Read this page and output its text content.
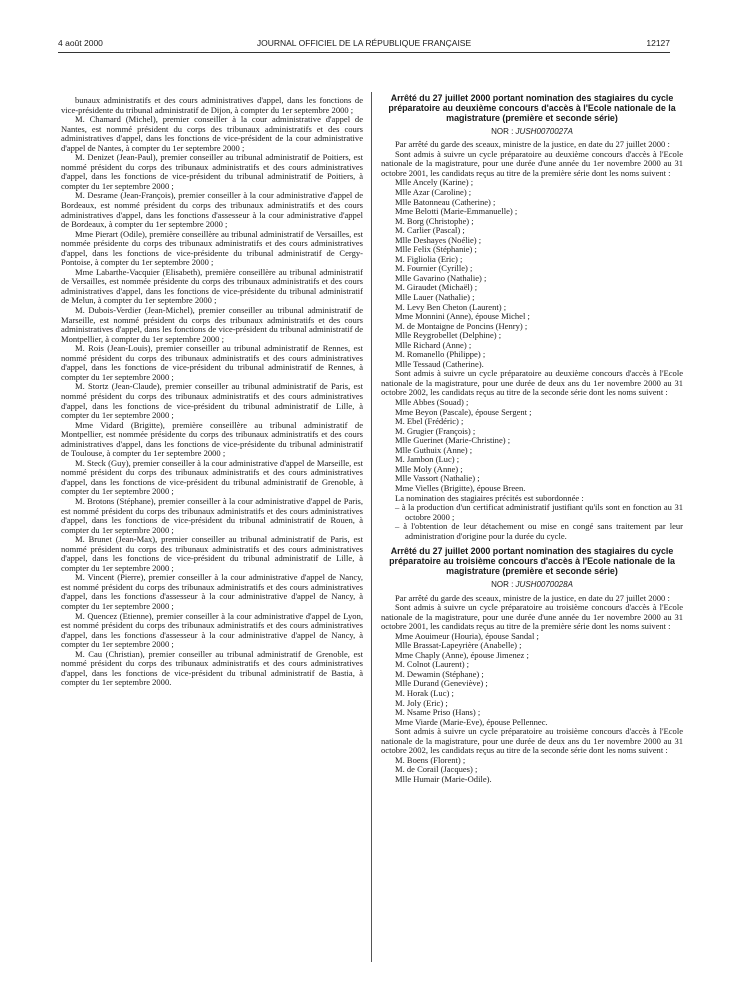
4 août 2000	JOURNAL OFFICIEL DE LA RÉPUBLIQUE FRANÇAISE	12127

bunaux administratifs et des cours administratives d'appel, dans les fonctions de vice-présidente du tribunal administratif de Dijon, à compter du 1er septembre 2000 ;

M. Chamard (Michel), premier conseiller à la cour administrative d'appel de Nantes, est nommé président du corps des tribunaux administratifs et des cours administratives d'appel, dans les fonctions de vice-président de la cour administrative d'appel de Nantes, à compter du 1er septembre 2000 ;

M. Denizet (Jean-Paul), premier conseiller au tribunal administratif de Poitiers, est nommé président du corps des tribunaux administratifs et des cours administratives d'appel, dans les fonctions de vice-président du tribunal administratif de Poitiers, à compter du 1er septembre 2000 ;

M. Desrame (Jean-François), premier conseiller à la cour administrative d'appel de Bordeaux, est nommé président du corps des tribunaux administratifs et des cours administratives d'appel, dans les fonctions d'assesseur à la cour administrative d'appel de Bordeaux, à compter du 1er septembre 2000 ;

Mme Pierart (Odile), première conseillère au tribunal administratif de Versailles, est nommée présidente du corps des tribunaux administratifs et des cours administratives d'appel, dans les fonctions de vice-présidente du tribunal administratif de Cergy-Pontoise, à compter du 1er septembre 2000 ;

Mme Labarthe-Vacquier (Elisabeth), première conseillère au tribunal administratif de Versailles, est nommée présidente du corps des tribunaux administratifs et des cours administratives d'appel, dans les fonctions de vice-présidente du tribunal administratif de Melun, à compter du 1er septembre 2000 ;

M. Dubois-Verdier (Jean-Michel), premier conseiller au tribunal administratif de Marseille, est nommé président du corps des tribunaux administratifs et des cours administratives d'appel, dans les fonctions de vice-président du tribunal administratif de Montpellier, à compter du 1er septembre 2000 ;

M. Rois (Jean-Louis), premier conseiller au tribunal administratif de Rennes, est nommé président du corps des tribunaux administratifs et des cours administratives d'appel, dans les fonctions de vice-président du tribunal administratif de Rennes, à compter du 1er septembre 2000 ;

M. Stortz (Jean-Claude), premier conseiller au tribunal administratif de Paris, est nommé président du corps des tribunaux administratifs et des cours administratives d'appel, dans les fonctions de vice-président du tribunal administratif de Lille, à compter du 1er septembre 2000 ;

Mme Vidard (Brigitte), première conseillère au tribunal administratif de Montpellier, est nommée présidente du corps des tribunaux administratifs et des cours administratives d'appel, dans les fonctions de vice-présidente du tribunal administratif de Toulouse, à compter du 1er septembre 2000 ;

M. Steck (Guy), premier conseiller à la cour administrative d'appel de Marseille, est nommé président du corps des tribunaux administratifs et des cours administratives d'appel, dans les fonctions de vice-président du tribunal administratif de Grenoble, à compter du 1er septembre 2000 ;

M. Brotons (Stéphane), premier conseiller à la cour administrative d'appel de Paris, est nommé président du corps des tribunaux administratifs et des cours administratives d'appel, dans les fonctions de vice-président du tribunal administratif de Rouen, à compter du 1er septembre 2000 ;

M. Brunet (Jean-Max), premier conseiller au tribunal administratif de Paris, est nommé président du corps des tribunaux administratifs et des cours administratives d'appel, dans les fonctions de vice-président du tribunal administratif de Lille, à compter du 1er septembre 2000 ;

M. Vincent (Pierre), premier conseiller à la cour administrative d'appel de Nancy, est nommé président du corps des tribunaux administratifs et des cours administratives d'appel, dans les fonctions d'assesseur à la cour administrative d'appel de Nancy, à compter du 1er septembre 2000 ;

M. Quencez (Etienne), premier conseiller à la cour administrative d'appel de Lyon, est nommé président du corps des tribunaux administratifs et des cours administratives d'appel, dans les fonctions d'assesseur à la cour administrative d'appel de Nancy, à compter du 1er septembre 2000 ;

M. Cau (Christian), premier conseiller au tribunal administratif de Grenoble, est nommé président du corps des tribunaux administratifs et des cours administratives d'appel, dans les fonctions de vice-président du tribunal administratif de Bastia, à compter du 1er septembre 2000.

Arrêté du 27 juillet 2000 portant nomination des stagiaires du cycle préparatoire au deuxième concours d'accès à l'Ecole nationale de la magistrature (première et seconde série)
NOR : JUSH0070027A

Par arrêté du garde des sceaux, ministre de la justice, en date du 27 juillet 2000 :

Sont admis à suivre un cycle préparatoire au deuxième concours d'accès à l'Ecole nationale de la magistrature, pour une durée d'une année du 1er novembre 2000 au 31 octobre 2001, les candidats reçus au titre de la première série dont les noms suivent :

Mlle Ancely (Karine) ;

Mlle Azar (Caroline) ;

Mlle Batonneau (Catherine) ;

Mme Belotti (Marie-Emmanuelle) ;

M. Borg (Christophe) ;

M. Carlier (Pascal) ;

Mlle Deshayes (Noélie) ;

Mlle Felix (Stéphanie) ;

M. Figliolia (Eric) ;

M. Fournier (Cyrille) ;

Mlle Gavarino (Nathalie) ;

M. Giraudet (Michaël) ;

Mlle Lauer (Nathalie) ;

M. Levy Ben Cheton (Laurent) ;

Mme Monnini (Anne), épouse Michel ;

M. de Montaigne de Poncins (Henry) ;

Mlle Reygrobellet (Delphine) ;

Mlle Richard (Anne) ;

M. Romanello (Philippe) ;

Mlle Tessaud (Catherine).

Sont admis à suivre un cycle préparatoire au deuxième concours d'accès à l'Ecole nationale de la magistrature, pour une durée de deux ans du 1er novembre 2000 au 31 octobre 2002, les candidats reçus au titre de la seconde série dont les noms suivent :

Mlle Abbes (Souad) ;

Mme Beyon (Pascale), épouse Sergent ;

M. Ebel (Frédéric) ;

M. Grugier (François) ;

Mlle Guerinet (Marie-Christine) ;

Mlle Guthuix (Anne) ;

M. Jambon (Luc) ;

Mlle Moly (Anne) ;

Mlle Vassort (Nathalie) ;

Mme Vielles (Brigitte), épouse Breen.

La nomination des stagiaires précités est subordonnée :

– à la production d'un certificat administratif justifiant qu'ils sont en fonction au 31 octobre 2000 ;

– à l'obtention de leur détachement ou mise en congé sans traitement par leur administration d'origine pour la durée du cycle.

Arrêté du 27 juillet 2000 portant nomination des stagiaires du cycle préparatoire au troisième concours d'accès à l'Ecole nationale de la magistrature (première et seconde série)
NOR : JUSH0070028A

Par arrêté du garde des sceaux, ministre de la justice, en date du 27 juillet 2000 :

Sont admis à suivre un cycle préparatoire au troisième concours d'accès à l'Ecole nationale de la magistrature, pour une durée d'une année du 1er novembre 2000 au 31 octobre 2001, les candidats reçus au titre de la première série dont les noms suivent :

Mme Aouimeur (Houria), épouse Sandal ;

Mlle Brassat-Lapeyrière (Anabelle) ;

Mme Chaply (Anne), épouse Jimenez ;

M. Colnot (Laurent) ;

M. Dewamin (Stéphane) ;

Mlle Durand (Geneviève) ;

M. Horak (Luc) ;

M. Joly (Eric) ;

M. Nsame Priso (Hans) ;

Mme Viarde (Marie-Eve), épouse Pellennec.

Sont admis à suivre un cycle préparatoire au troisième concours d'accès à l'Ecole nationale de la magistrature, pour une durée de deux ans du 1er novembre 2000 au 31 octobre 2002, les candidats reçus au titre de la seconde série dont les noms suivent :

M. Boens (Florent) ;

M. de Corail (Jacques) ;

Mlle Humair (Marie-Odile).
